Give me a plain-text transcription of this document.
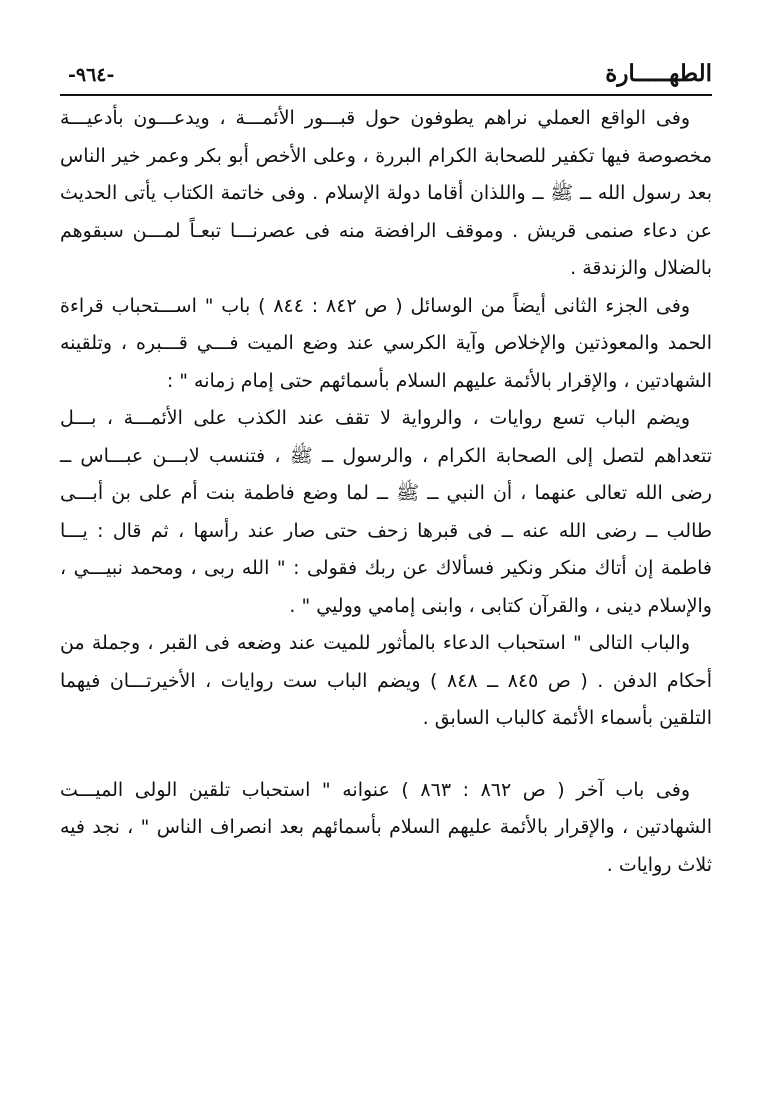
الطهـــــارة
-٩٦٤-

وفى الواقع العملي نراهم يطوفون حول قبـــور الأئمـــة ، ويدعـــون بأدعيـــة مخصوصة فيها تكفير للصحابة الكرام البررة ، وعلى الأخص أبو بكر وعمر خير الناس بعد رسول الله ــ ﷺ ــ واللذان أقاما دولة الإسلام . وفى خاتمة الكتاب يأتى الحديث عن دعاء صنمى قريش . وموقف الرافضة منه فى عصرنـــا تبعـاً لمـــن سبقوهم بالضلال والزندقة .

وفى الجزء الثانى أيضاً من الوسائل ( ص ٨٤٢ : ٨٤٤ ) باب " اســـتحباب قراءة الحمد والمعوذتين والإخلاص وآية الكرسي عند وضع الميت فـــي قـــبره ، وتلقينه الشهادتين ، والإقرار بالأئمة عليهم السلام بأسمائهم حتى إمام زمانه " :

ويضم الباب تسع روايات ، والرواية لا تقف عند الكذب على الأئمـــة ، بـــل تتعداهم لتصل إلى الصحابة الكرام ، والرسول ــ ﷺ ، فتنسب لابـــن عبـــاس ــ رضى الله تعالى عنهما ، أن النبي ــ ﷺ ــ لما وضع فاطمة بنت أم على بن أبـــى طالب ــ رضى الله عنه ــ فى قبرها زحف حتى صار عند رأسها ، ثم قال : يـــا فاطمة إن أتاك منكر ونكير فسألاك عن ربك فقولى : " الله ربى ، ومحمد نبيـــي ، والإسلام دينى ، والقرآن كتابى ، وابنى إمامي ووليي " .

والباب التالى " استحباب الدعاء بالمأثور للميت عند وضعه فى القبر ، وجملة من أحكام الدفن . ( ص ٨٤٥ ــ ٨٤٨ ) ويضم الباب ست روايات ، الأخيرتـــان فيهما التلقين بأسماء الأئمة كالباب السابق .

وفى باب آخر ( ص ٨٦٢ : ٨٦٣ ) عنوانه " استحباب تلقين الولى الميـــت الشهادتين ، والإقرار بالأئمة عليهم السلام بأسمائهم بعد انصراف الناس " ، نجد فيه ثلاث روايات .
